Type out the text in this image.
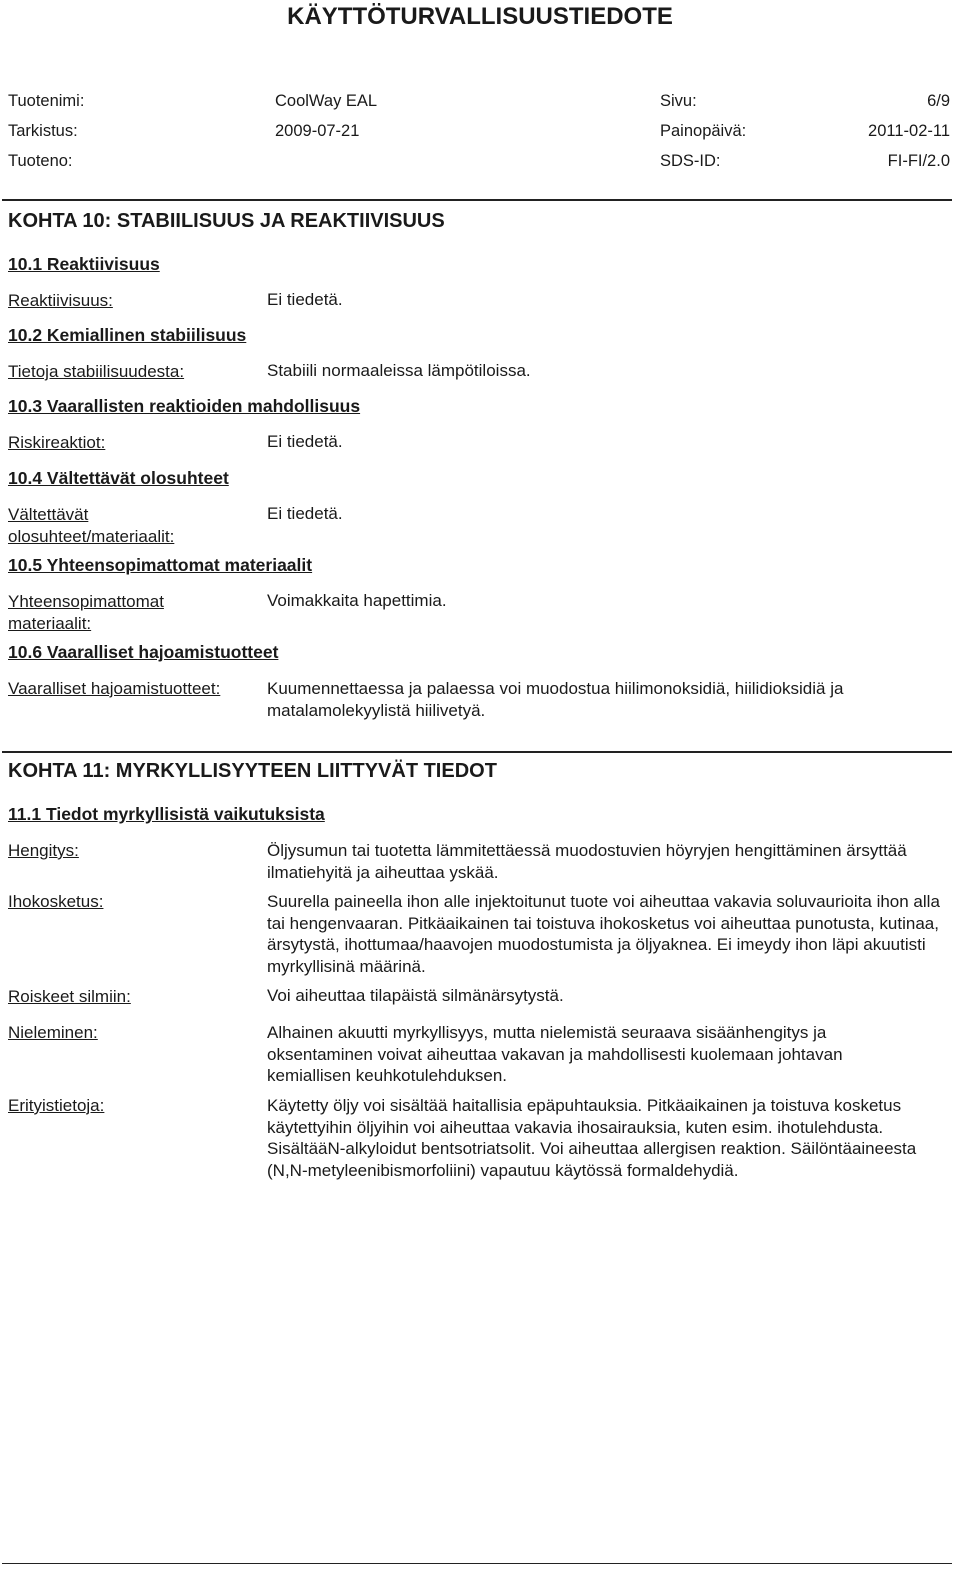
KÄYTTÖTURVALLISUUSTIEDOTE
Tuotenimi:	CoolWay EAL	Sivu:	6/9
Tarkistus:	2009-07-21	Painopäivä:	2011-02-11
Tuoteno:	SDS-ID:	FI-FI/2.0
KOHTA 10: STABIILISUUS JA REAKTIIVISUUS
10.1 Reaktiivisuus
Reaktiivisuus:	Ei tiedetä.
10.2 Kemiallinen stabiilisuus
Tietoja stabiilisuudesta:	Stabiili normaaleissa lämpötiloissa.
10.3 Vaarallisten reaktioiden mahdollisuus
Riskireaktiot:	Ei tiedetä.
10.4 Vältettävät olosuhteet
Vältettävät olosuhteet/materiaalit:
Ei tiedetä.
10.5 Yhteensopimattomat materiaalit
Yhteensopimattomat materiaalit:
Voimakkaita hapettimia.
10.6 Vaaralliset hajoamistuotteet
Vaaralliset hajoamistuotteet:	Kuumennettaessa ja palaessa voi muodostua hiilimonoksidiä, hiilidioksidiä ja matalamolekyylistä hiilivetyä.
KOHTA 11: MYRKYLLISYYTEEN LIITTYVÄT TIEDOT
11.1 Tiedot myrkyllisistä vaikutuksista
Hengitys:	Öljysumun tai tuotetta lämmitettäessä muodostuvien höyryjen hengittäminen ärsyttää ilmatiehyitä ja aiheuttaa yskää.
Ihokosketus:	Suurella paineella ihon alle injektoitunut tuote voi aiheuttaa vakavia soluvaurioita ihon alla tai hengenvaaran. Pitkäaikainen tai toistuva ihokosketus voi aiheuttaa punotusta, kutinaa, ärsytystä, ihottumaa/haavojen muodostumista ja öljyaknea. Ei imeydy ihon läpi akuutisti myrkyllisinä määrinä.
Roiskeet silmiin:	Voi aiheuttaa tilapäistä silmänärsytystä.
Nieleminen:	Alhainen akuutti myrkyllisyys, mutta nielemistä seuraava sisäänhengitys ja oksentaminen voivat aiheuttaa vakavan ja mahdollisesti kuolemaan johtavan kemiallisen keuhkotulehduksen.
Erityistietoja:	Käytetty öljy voi sisältää haitallisia epäpuhtauksia. Pitkäaikainen ja toistuva kosketus käytettyihin öljyihin voi aiheuttaa vakavia ihosairauksia, kuten esim. ihotulehdusta. SisältääN-alkyloidut bentsotriatsolit. Voi aiheuttaa allergisen reaktion. Säilöntäaineesta (N,N-metyleenibismorfoliini) vapautuu käytössä formaldehydiä.
